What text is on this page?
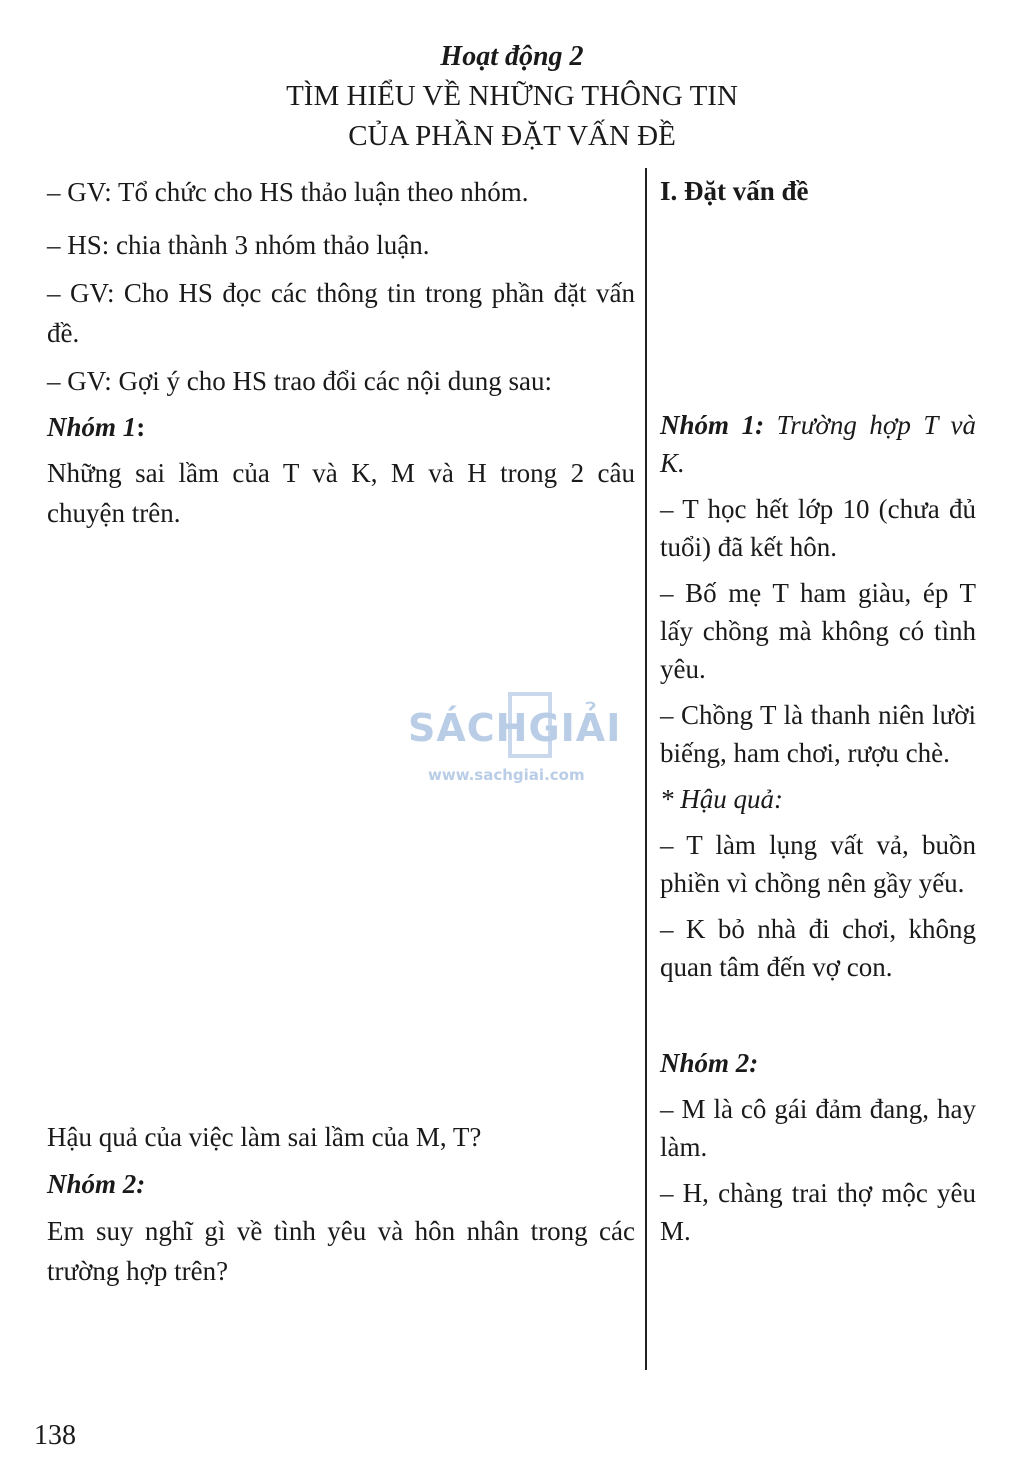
Hoạt động 2
TÌM HIỂU VỀ NHỮNG THÔNG TIN
CỦA PHẦN ĐẶT VẤN ĐỀ

– GV: Tổ chức cho HS thảo luận theo nhóm.

– HS: chia thành 3 nhóm thảo luận.

– GV: Cho HS đọc các thông tin trong phần đặt vấn đề.

– GV: Gợi ý cho HS trao đổi các nội dung sau:

Nhóm 1:

Những sai lầm của T và K, M và H trong 2 câu chuyện trên.

Hậu quả của việc làm sai lầm của M, T?

Nhóm 2:

Em suy nghĩ gì về tình yêu và hôn nhân trong các trường hợp trên?

I. Đặt vấn đề

Nhóm 1: Trường hợp T và K.

– T học hết lớp 10 (chưa đủ tuổi) đã kết hôn.

– Bố mẹ T ham giàu, ép T lấy chồng mà không có tình yêu.

– Chồng T là thanh niên lười biếng, ham chơi, rượu chè.

* Hậu quả:

– T làm lụng vất vả, buồn phiền vì chồng nên gầy yếu.

– K bỏ nhà đi chơi, không quan tâm đến vợ con.

Nhóm 2:

– M là cô gái đảm đang, hay làm.

– H, chàng trai thợ mộc yêu M.

SÁCHGIẢI
www.sachgiai.com
138
